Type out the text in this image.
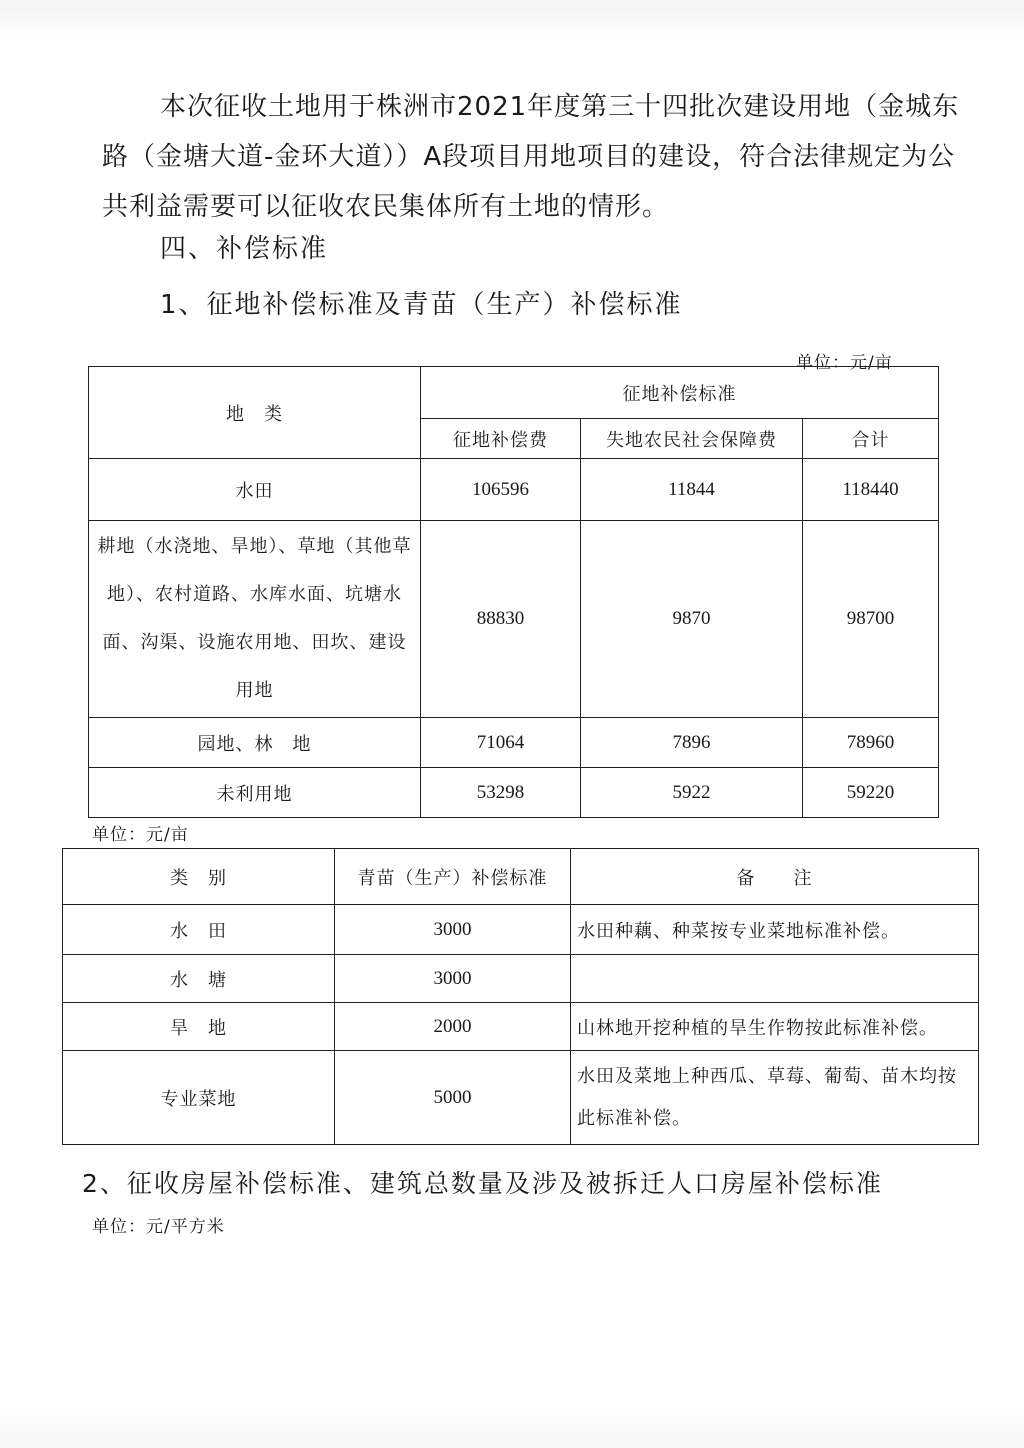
本次征收土地用于株洲市2021年度第三十四批次建设用地（金城东路（金塘大道-金环大道））A段项目用地项目的建设，符合法律规定为公共利益需要可以征收农民集体所有土地的情形。
四、补偿标准
1、征地补偿标准及青苗（生产）补偿标准
单位：元/亩
地　类	征地补偿标准		
	征地补偿费	失地农民社会保障费	合计
水田	106596	11844	118440
耕地（水浇地、旱地）、草地（其他草地）、农村道路、水库水面、坑塘水面、沟渠、设施农用地、田坎、建设用地	88830	9870	98700
园地、林　地	71064	7896	78960
未利用地	53298	5922	59220
单位：元/亩
类　别	青苗（生产）补偿标准	备　　注
水　田	3000	水田种藕、种菜按专业菜地标准补偿。
水　塘	3000	
旱　地	2000	山林地开挖种植的旱生作物按此标准补偿。
专业菜地	5000	水田及菜地上种西瓜、草莓、葡萄、苗木均按此标准补偿。
2、征收房屋补偿标准、建筑总数量及涉及被拆迁人口房屋补偿标准
单位：元/平方米
